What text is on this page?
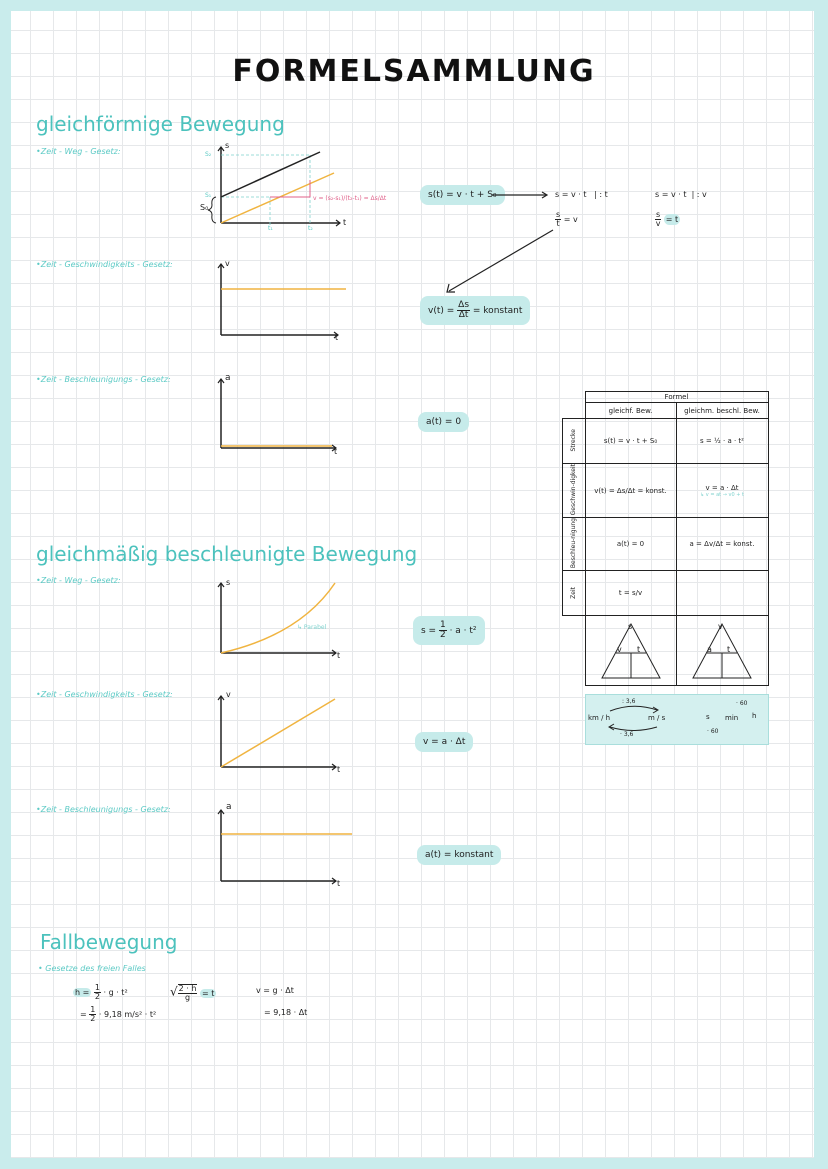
FORMELSAMMLUNG
gleichförmige Bewegung
•Zeit - Weg - Gesetz:
•Zeit - Geschwindigkeits - Gesetz:
•Zeit - Beschleunigungs - Gesetz:
s
S₂
S₁
S₀
t₁	t₂
t
v = (s₂-s₁)/(t₂-t₁) = Δs/Δt
v
t
a
t
s(t) = v · t + S₀	s = v · t | : t
$\frac{s}{t} = v$
s = v · t | : v
$\frac{s}{v} = t$
$v(t) = \frac{\Delta s}{\Delta t}$ = konstant
a(t) = 0
gleichmäßig beschleunigte Bewegung
•Zeit - Weg - Gesetz:
•Zeit - Geschwindigkeits - Gesetz:
•Zeit - Beschleunigungs - Gesetz:
s
t
↳ Parabel
v
t
a
t
$s = \frac{1}{2} \cdot a \cdot t^2$
v = a · Δt
a(t) = konstant
Fallbewegung
• Gesetze des freien Falles
$h = \frac{1}{2} \cdot g \cdot t^2$
= $\frac{1}{2} \cdot 9,18$ m/s² · t²
√ $\frac{2 \cdot h}{g} = t$	v = g · Δt
= 9,18 · Δt
	Formel	
	gleichf. Bew.	gleichm. beschl. Bew.
Strecke	s(t) = v · t + S₀	s = ½ · a · t²
Geschwin-digkeit	v(t) = Δs/Δt = konst.	v = a · Δt
↳ v = at → v0 + t

Beschleu-nigung	a(t) = 0	a = Δv/Δt = konst.
Zeit	t = s/v	

s
v t
v
a t
km / h	m / s
: 3,6
· 3,6
s min h
· 60
· 60
